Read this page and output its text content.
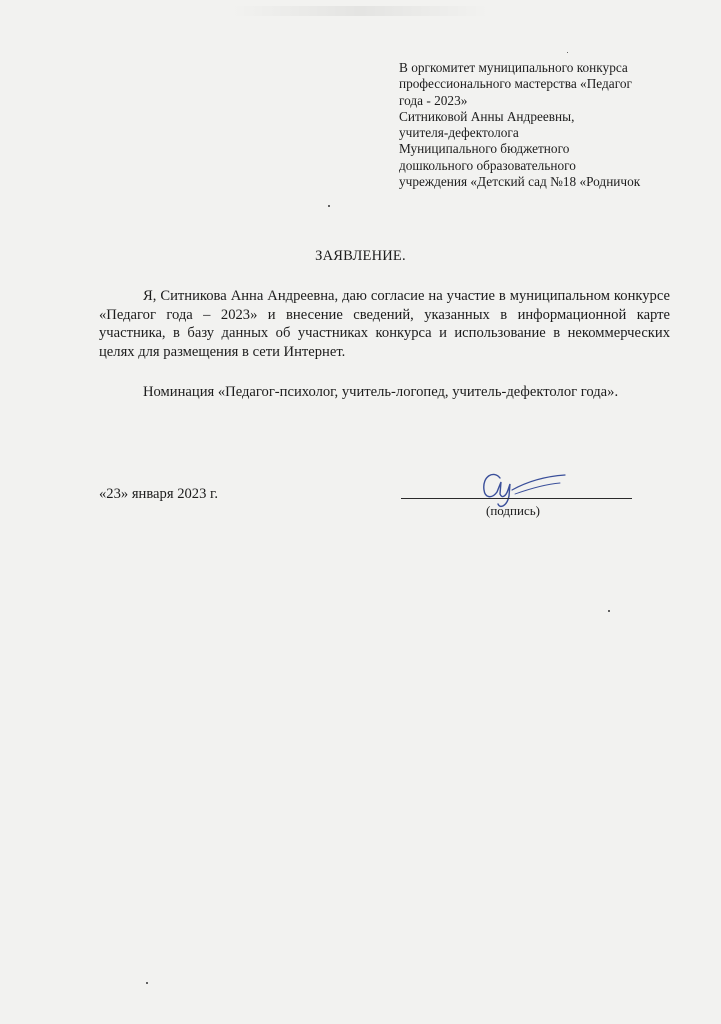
В оргкомитет муниципального конкурса
профессионального мастерства «Педагог
года - 2023»
Ситниковой Анны Андреевны,
учителя-дефектолога
Муниципального бюджетного
дошкольного образовательного
учреждения «Детский сад №18 «Родничок
ЗАЯВЛЕНИЕ.
Я, Ситникова Анна Андреевна, даю согласие на участие в муниципальном конкурсе «Педагог года – 2023» и внесение сведений, указанных в информационной карте участника, в базу данных об участниках конкурса и использование в некоммерческих целях для размещения в сети Интернет.
Номинация «Педагог-психолог, учитель-логопед, учитель-дефектолог года».
«23» января 2023 г.
(подпись)
